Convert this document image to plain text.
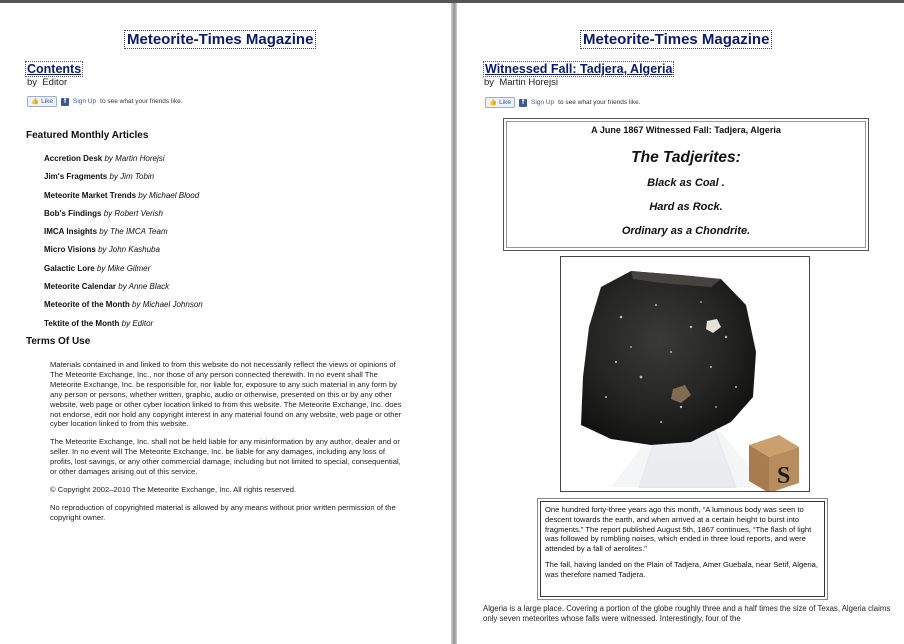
Meteorite-Times Magazine
Contents
by Editor
👍 Like	f	Sign Up to see what your friends like.
Featured Monthly Articles
Accretion Desk by Martin Horejsi
Jim's Fragments by Jim Tobin
Meteorite Market Trends by Michael Blood
Bob's Findings by Robert Verish
IMCA Insights by The IMCA Team
Micro Visions by John Kashuba
Galactic Lore by Mike Gilmer
Meteorite Calendar by Anne Black
Meteorite of the Month by Michael Johnson
Tektite of the Month by Editor
Terms Of Use

Materials contained in and linked to from this website do not necessarily reflect the views or opinions of The Meteorite Exchange, Inc., nor those of any person connected therewith. In no event shall The Meteorite Exchange, Inc. be responsible for, nor liable for, exposure to any such material in any form by any person or persons, whether written, graphic, audio or otherwise, presented on this or by any other website, web page or other cyber location linked to from this website. The Meteorite Exchange, Inc. does not endorse, edit nor hold any copyright interest in any material found on any website, web page or other cyber location linked to from this website.

The Meteorite Exchange, Inc. shall not be held liable for any misinformation by any author, dealer and or seller. In no event will The Meteorite Exchange, Inc. be liable for any damages, including any loss of profits, lost savings, or any other commercial damage, including but not limited to special, consequential, or other damages arising out of this service.

© Copyright 2002–2010 The Meteorite Exchange, Inc. All rights reserved.

No reproduction of copyrighted material is allowed by any means without prior written permission of the copyright owner.

Meteorite-Times Magazine
Witnessed Fall: Tadjera, Algeria
by Martin Horejsi
👍 Like	f	Sign Up to see what your friends like.
A June 1867 Witnessed Fall: Tadjera, Algeria
The Tadjerites:
Black as Coal .
Hard as Rock.
Ordinary as a Chondrite.
S

One hundred forty-three years ago this month, “A luminous body was seen to descent towards the earth, and when arrived at a certain height to burst into fragments.” The report published August 5th, 1867 continues, “The flash of light was followed by rumbling noises, which ended in three loud reports, and were attended by a fall of aerolites.”

The fall, having landed on the Plain of Tadjera, Amer Guebala, near Setif, Algeria, was therefore named Tadjera.

Algeria is a large place. Covering a portion of the globe roughly three and a half times the size of Texas, Algeria claims only seven meteorites whose falls were witnessed. Interestingly, four of the
